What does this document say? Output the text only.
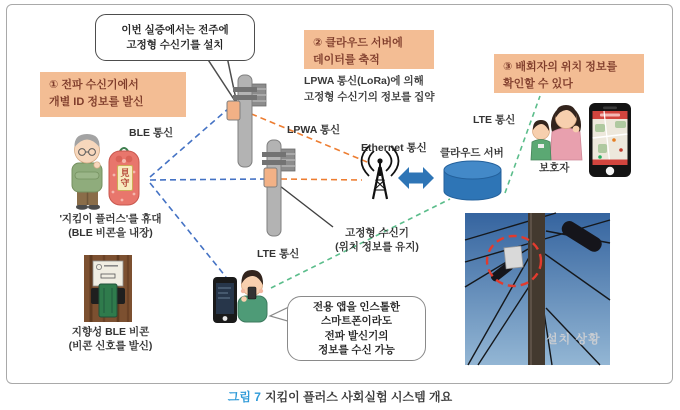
이번 실증에서는 전주에
고정형 수신기를 설치
전용 앱을 인스톨한
스마트폰이라도
전파 발신기의
정보를 수신 가능
① 전파 수신기에서
개별 ID 정보를 발신
② 클라우드 서버에
데이터를 축적
LPWA 통신(LoRa)에 의해
고정형 수신기의 정보를 집약
③ 배회자의 위치 정보를
확인할 수 있다
BLE 통신	LPWA 통신
Ethernet 통신 클라우드 서버
LTE 통신
LTE 통신
고정형 수신기
(위치 정보를 유지)
보호자
'지킴이 플러스'를 휴대
(BLE 비콘을 내장)
지향성 BLE 비콘
(비콘 신호를 발신)	설치 상황
見守
그림 7 지킴이 플러스 사회실험 시스템 개요
